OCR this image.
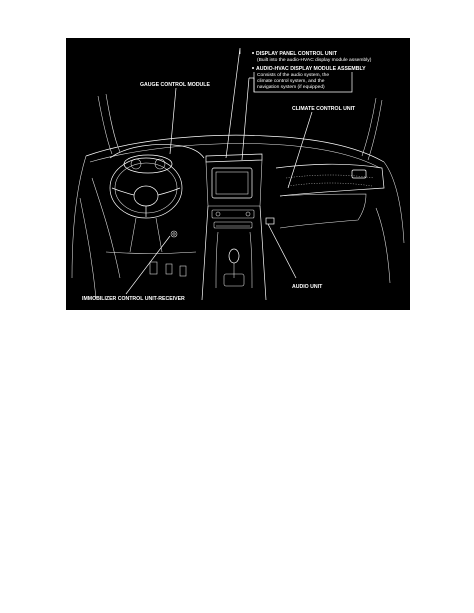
DISPLAY PANEL CONTROL UNIT
(Built into the audio-HVAC display module assembly)
AUDIO-HVAC DISPLAY MODULE ASSEMBLY
Consists of the audio system, the
climate control system, and the
navigation system (if equipped)
GAUGE CONTROL MODULE
CLIMATE CONTROL UNIT
AUDIO UNIT
IMMOBILIZER CONTROL UNIT-RECEIVER
